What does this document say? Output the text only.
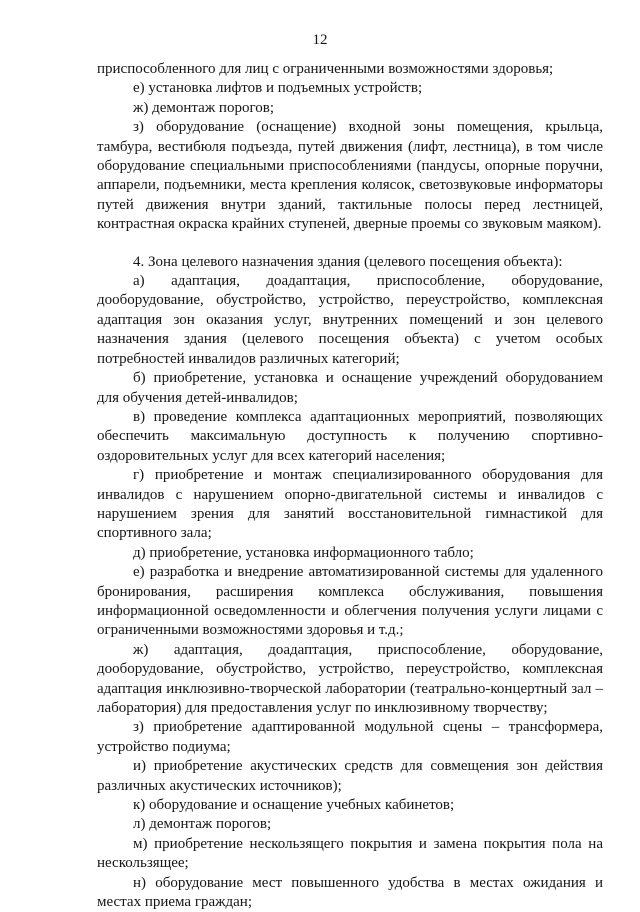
12

приспособленного для лиц с ограниченными возможностями здоровья;

е) установка лифтов и подъемных устройств;

ж) демонтаж порогов;

з) оборудование (оснащение) входной зоны помещения, крыльца, тамбура, вестибюля подъезда, путей движения (лифт, лестница), в том числе оборудование специальными приспособлениями (пандусы, опорные поручни, аппарели, подъемники, места крепления колясок, светозвуковые информаторы путей движения внутри зданий, тактильные полосы перед лестницей, контрастная окраска крайних ступеней, дверные проемы со звуковым маяком).

4. Зона целевого назначения здания (целевого посещения объекта):

а) адаптация, доадаптация, приспособление, оборудование, дооборудование, обустройство, устройство, переустройство, комплексная адаптация зон оказания услуг, внутренних помещений и зон целевого назначения здания (целевого посещения объекта) с учетом особых потребностей инвалидов различных категорий;

б) приобретение, установка и оснащение учреждений оборудованием для обучения детей-инвалидов;

в) проведение комплекса адаптационных мероприятий, позволяющих обеспечить максимальную доступность к получению спортивно-оздоровительных услуг для всех категорий населения;

г) приобретение и монтаж специализированного оборудования для инвалидов с нарушением опорно-двигательной системы и инвалидов с нарушением зрения для занятий восстановительной гимнастикой для спортивного зала;

д) приобретение, установка информационного табло;

е) разработка и внедрение автоматизированной системы для удаленного бронирования, расширения комплекса обслуживания, повышения информационной осведомленности и облегчения получения услуги лицами с ограниченными возможностями здоровья и т.д.;

ж) адаптация, доадаптация, приспособление, оборудование, дооборудование, обустройство, устройство, переустройство, комплексная адаптация инклюзивно-творческой лаборатории (театрально-концертный зал – лаборатория) для предоставления услуг по инклюзивному творчеству;

з) приобретение адаптированной модульной сцены – трансформера, устройство подиума;

и) приобретение акустических средств для совмещения зон действия различных акустических источников);

к) оборудование и оснащение учебных кабинетов;

л) демонтаж порогов;

м) приобретение нескользящего покрытия и замена покрытия пола на нескользящее;

н) оборудование мест повышенного удобства в местах ожидания и местах приема граждан;
